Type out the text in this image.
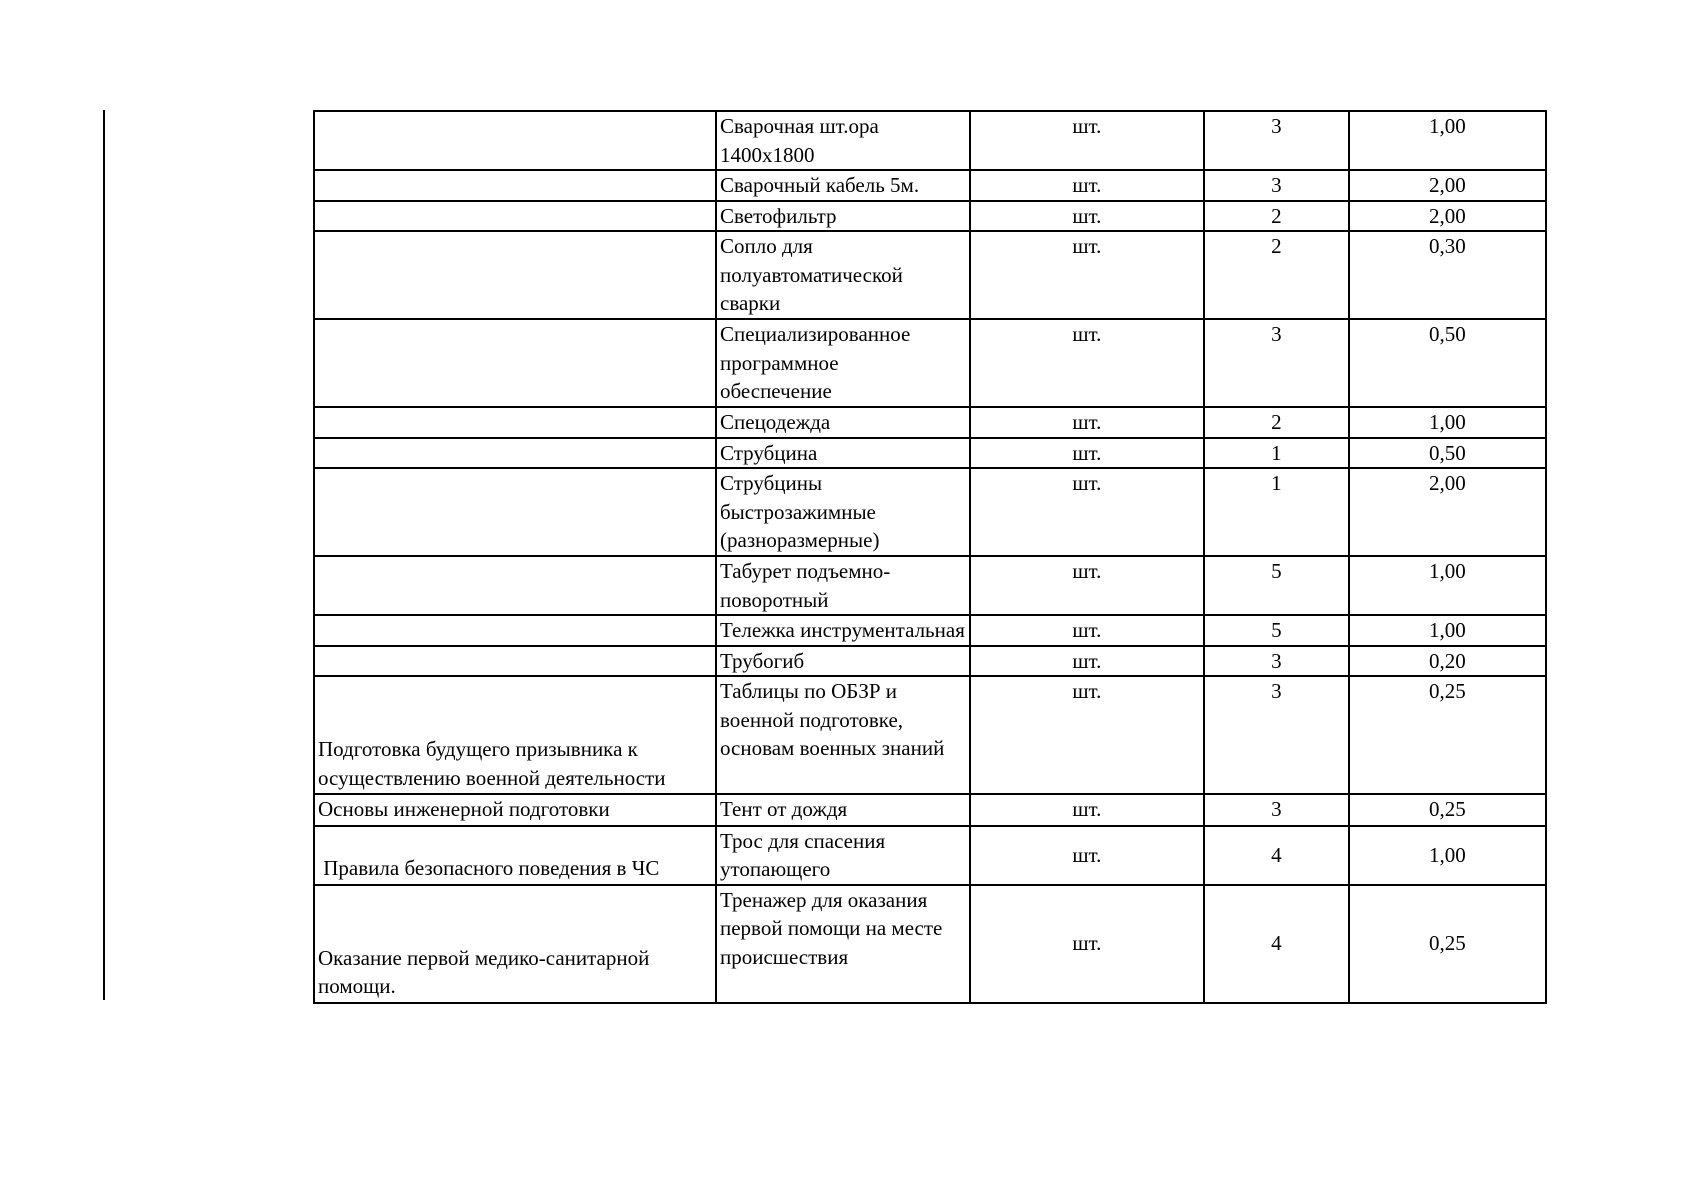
	Сварочная шт.ора
1400х1800	шт.	3	1,00

	Сварочный кабель 5м.	шт.	3	2,00

	Светофильтр	шт.	2	2,00

	Сопло для
полуавтоматической
сварки	шт.	2	0,30

	Специализированное
программное
обеспечение	шт.	3	0,50

	Спецодежда	шт.	2	1,00

	Струбцина	шт.	1	0,50

	Струбцины
быстрозажимные
(разноразмерные)	шт.	1	2,00

	Табурет подъемно-
поворотный	шт.	5	1,00

	Тележка инструментальная	шт.	5	1,00

	Трубогиб	шт.	3	0,20

Подготовка будущего призывника к
осуществлению военной деятельности	Таблицы по ОБЗР и
военной подготовке,
основам военных знаний	шт.	3	0,25

Основы инженерной подготовки	Тент от дождя	шт.	3	0,25

Правила безопасного поведения в ЧС	Трос для спасения
утопающего	шт.	4	1,00

Оказание первой медико-санитарной
помощи.	Тренажер для оказания
первой помощи на месте
происшествия	шт.	4	0,25
